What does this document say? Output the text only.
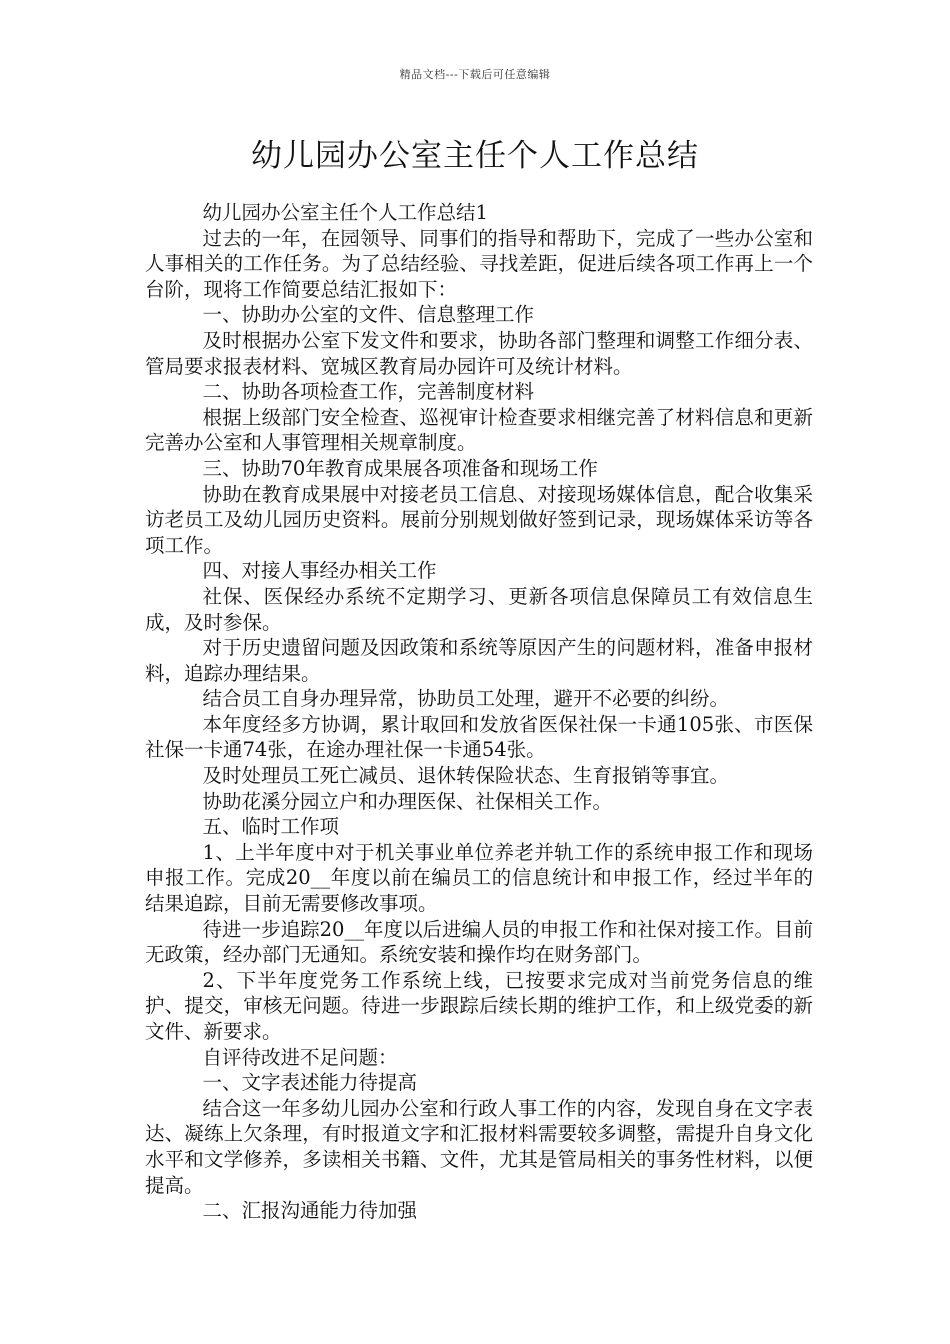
精品文档---下载后可任意编辑
幼儿园办公室主任个人工作总结

幼儿园办公室主任个人工作总结1

过去的一年，在园领导、同事们的指导和帮助下，完成了一些办公室和人事相关的工作任务。为了总结经验、寻找差距，促进后续各项工作再上一个台阶，现将工作简要总结汇报如下：

一、协助办公室的文件、信息整理工作

及时根据办公室下发文件和要求，协助各部门整理和调整工作细分表、管局要求报表材料、宽城区教育局办园许可及统计材料。

二、协助各项检查工作，完善制度材料

根据上级部门安全检查、巡视审计检查要求相继完善了材料信息和更新完善办公室和人事管理相关规章制度。

三、协助70年教育成果展各项准备和现场工作

协助在教育成果展中对接老员工信息、对接现场媒体信息，配合收集采访老员工及幼儿园历史资料。展前分别规划做好签到记录，现场媒体采访等各项工作。

四、对接人事经办相关工作

社保、医保经办系统不定期学习、更新各项信息保障员工有效信息生成，及时参保。

对于历史遗留问题及因政策和系统等原因产生的问题材料，准备申报材料，追踪办理结果。

结合员工自身办理异常，协助员工处理，避开不必要的纠纷。

本年度经多方协调，累计取回和发放省医保社保一卡通105张、市医保社保一卡通74张，在途办理社保一卡通54张。

及时处理员工死亡减员、退休转保险状态、生育报销等事宜。

协助花溪分园立户和办理医保、社保相关工作。

五、临时工作项

1、上半年度中对于机关事业单位养老并轨工作的系统申报工作和现场申报工作。完成20__年度以前在编员工的信息统计和申报工作，经过半年的结果追踪，目前无需要修改事项。

待进一步追踪20__年度以后进编人员的申报工作和社保对接工作。目前无政策，经办部门无通知。系统安装和操作均在财务部门。

2、下半年度党务工作系统上线，已按要求完成对当前党务信息的维护、提交，审核无问题。待进一步跟踪后续长期的维护工作，和上级党委的新文件、新要求。

自评待改进不足问题：

一、文字表述能力待提高

结合这一年多幼儿园办公室和行政人事工作的内容，发现自身在文字表达、凝练上欠条理，有时报道文字和汇报材料需要较多调整，需提升自身文化水平和文学修养，多读相关书籍、文件，尤其是管局相关的事务性材料，以便提高。

二、汇报沟通能力待加强
